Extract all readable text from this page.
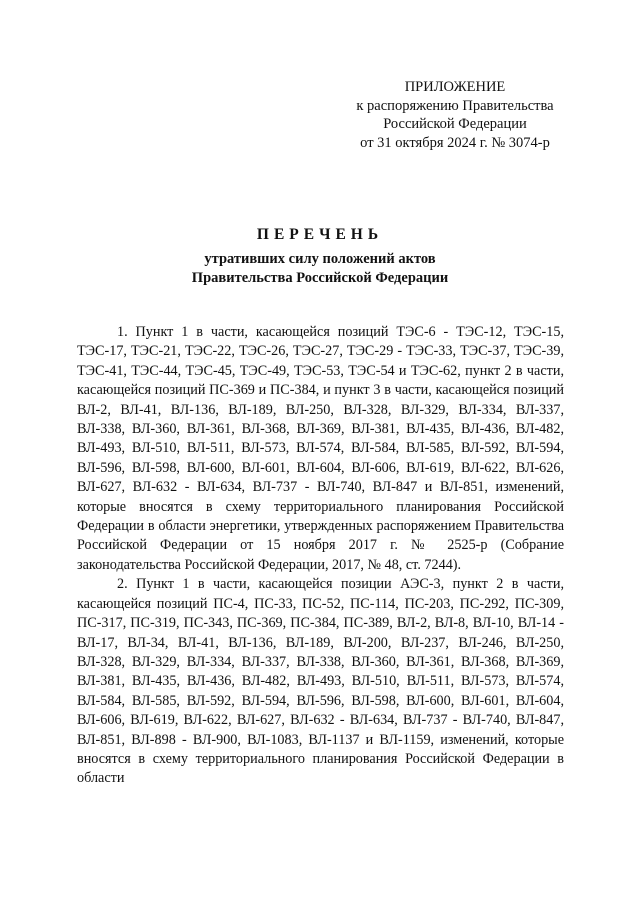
ПРИЛОЖЕНИЕ
к распоряжению Правительства
Российской Федерации
от 31 октября 2024 г. № 3074-р
ПЕРЕЧЕНЬ
утративших силу положений актов
Правительства Российской Федерации

1. Пункт 1 в части, касающейся позиций ТЭС-6 - ТЭС-12, ТЭС-15, ТЭС-17, ТЭС-21, ТЭС-22, ТЭС-26, ТЭС-27, ТЭС-29 - ТЭС-33, ТЭС-37, ТЭС-39, ТЭС-41, ТЭС-44, ТЭС-45, ТЭС-49, ТЭС-53, ТЭС-54 и ТЭС-62, пункт 2 в части, касающейся позиций ПС-369 и ПС-384, и пункт 3 в части, касающейся позиций ВЛ-2, ВЛ-41, ВЛ-136, ВЛ-189, ВЛ-250, ВЛ-328, ВЛ-329, ВЛ-334, ВЛ-337, ВЛ-338, ВЛ-360, ВЛ-361, ВЛ-368, ВЛ-369, ВЛ-381, ВЛ-435, ВЛ-436, ВЛ-482, ВЛ-493, ВЛ-510, ВЛ-511, ВЛ-573, ВЛ-574, ВЛ-584, ВЛ-585, ВЛ-592, ВЛ-594, ВЛ-596, ВЛ-598, ВЛ-600, ВЛ-601, ВЛ-604, ВЛ-606, ВЛ-619, ВЛ-622, ВЛ-626, ВЛ-627, ВЛ-632 - ВЛ-634, ВЛ-737 - ВЛ-740, ВЛ-847 и ВЛ-851, изменений, которые вносятся в схему территориального планирования Российской Федерации в области энергетики, утвержденных распоряжением Правительства Российской Федерации от 15 ноября 2017 г. № 2525-р (Собрание законодательства Российской Федерации, 2017, № 48, ст. 7244).

2. Пункт 1 в части, касающейся позиции АЭС-3, пункт 2 в части, касающейся позиций ПС-4, ПС-33, ПС-52, ПС-114, ПС-203, ПС-292, ПС-309, ПС-317, ПС-319, ПС-343, ПС-369, ПС-384, ПС-389, ВЛ-2, ВЛ-8, ВЛ-10, ВЛ-14 - ВЛ-17, ВЛ-34, ВЛ-41, ВЛ-136, ВЛ-189, ВЛ-200, ВЛ-237, ВЛ-246, ВЛ-250, ВЛ-328, ВЛ-329, ВЛ-334, ВЛ-337, ВЛ-338, ВЛ-360, ВЛ-361, ВЛ-368, ВЛ-369, ВЛ-381, ВЛ-435, ВЛ-436, ВЛ-482, ВЛ-493, ВЛ-510, ВЛ-511, ВЛ-573, ВЛ-574, ВЛ-584, ВЛ-585, ВЛ-592, ВЛ-594, ВЛ-596, ВЛ-598, ВЛ-600, ВЛ-601, ВЛ-604, ВЛ-606, ВЛ-619, ВЛ-622, ВЛ-627, ВЛ-632 - ВЛ-634, ВЛ-737 - ВЛ-740, ВЛ-847, ВЛ-851, ВЛ-898 - ВЛ-900, ВЛ-1083, ВЛ-1137 и ВЛ-1159, изменений, которые вносятся в схему территориального планирования Российской Федерации в области
